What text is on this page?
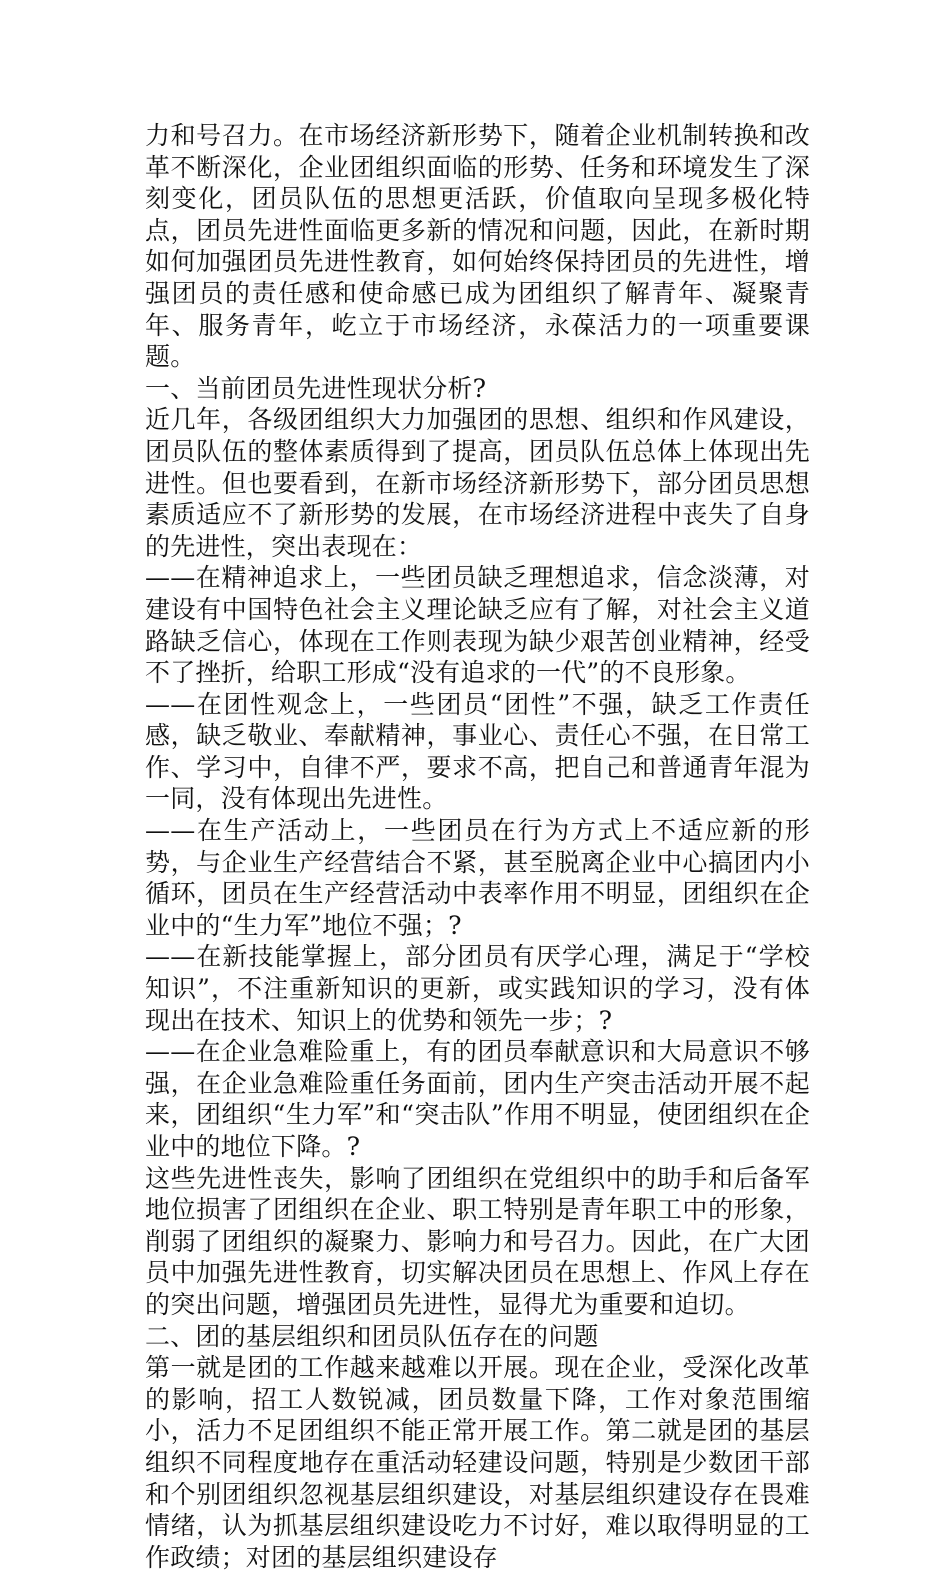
力和号召力。在市场经济新形势下，随着企业机制转换和改革不断深化，企业团组织面临的形势、任务和环境发生了深刻变化，团员队伍的思想更活跃，价值取向呈现多极化特点，团员先进性面临更多新的情况和问题，因此，在新时期如何加强团员先进性教育，如何始终保持团员的先进性，增强团员的责任感和使命感已成为团组织了解青年、凝聚青年、服务青年，屹立于市场经济，永葆活力的一项重要课题。

一、当前团员先进性现状分析?

近几年，各级团组织大力加强团的思想、组织和作风建设，团员队伍的整体素质得到了提高，团员队伍总体上体现出先进性。但也要看到，在新市场经济新形势下，部分团员思想素质适应不了新形势的发展，在市场经济进程中丧失了自身的先进性，突出表现在：

——在精神追求上，一些团员缺乏理想追求，信念淡薄，对建设有中国特色社会主义理论缺乏应有了解，对社会主义道路缺乏信心，体现在工作则表现为缺少艰苦创业精神，经受不了挫折，给职工形成“没有追求的一代”的不良形象。

——在团性观念上，一些团员“团性”不强，缺乏工作责任感，缺乏敬业、奉献精神，事业心、责任心不强，在日常工作、学习中，自律不严，要求不高，把自己和普通青年混为一同，没有体现出先进性。

——在生产活动上，一些团员在行为方式上不适应新的形势，与企业生产经营结合不紧，甚至脱离企业中心搞团内小循环，团员在生产经营活动中表率作用不明显，团组织在企业中的“生力军”地位不强；?

——在新技能掌握上，部分团员有厌学心理，满足于“学校知识”，不注重新知识的更新，或实践知识的学习，没有体现出在技术、知识上的优势和领先一步；?

——在企业急难险重上，有的团员奉献意识和大局意识不够强，在企业急难险重任务面前，团内生产突击活动开展不起来，团组织“生力军”和“突击队”作用不明显，使团组织在企业中的地位下降。?

这些先进性丧失，影响了团组织在党组织中的助手和后备军地位损害了团组织在企业、职工特别是青年职工中的形象，削弱了团组织的凝聚力、影响力和号召力。因此，在广大团员中加强先进性教育，切实解决团员在思想上、作风上存在的突出问题，增强团员先进性，显得尤为重要和迫切。

二、团的基层组织和团员队伍存在的问题

第一就是团的工作越来越难以开展。现在企业，受深化改革的影响，招工人数锐减，团员数量下降，工作对象范围缩小，活力不足团组织不能正常开展工作。第二就是团的基层组织不同程度地存在重活动轻建设问题，特别是少数团干部和个别团组织忽视基层组织建设，对基层组织建设存在畏难情绪，认为抓基层组织建设吃力不讨好，难以取得明显的工作政绩；对团的基层组织建设存
